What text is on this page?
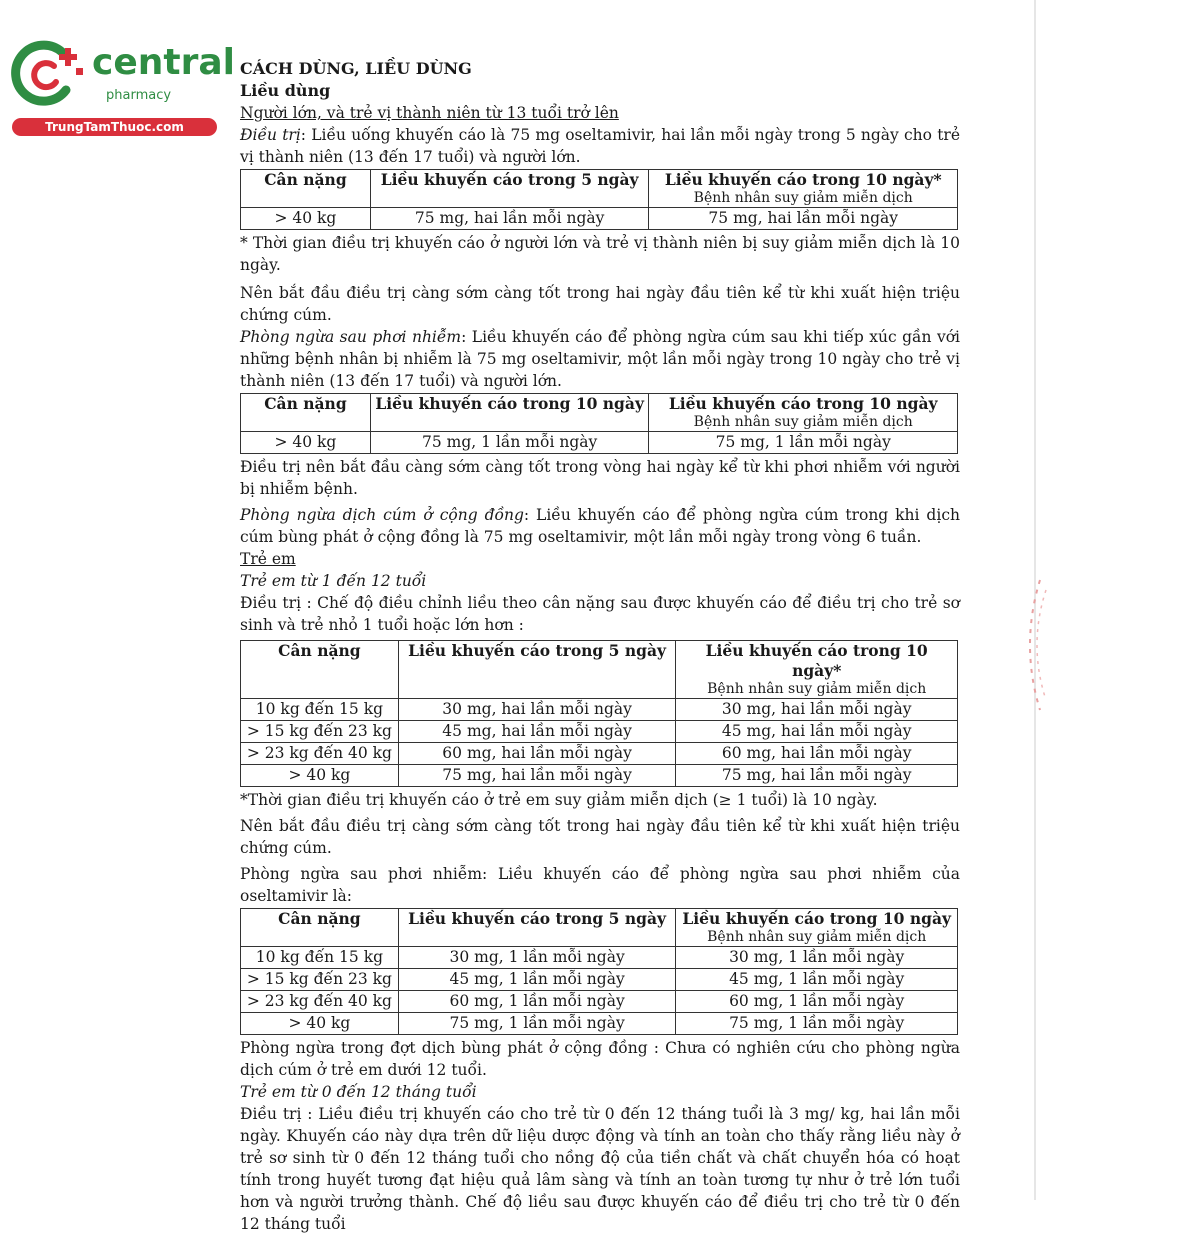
central
pharmacy
TrungTamThuoc.com

CÁCH DÙNG, LIỀU DÙNG

Liều dùng

Người lớn, và trẻ vị thành niên từ 13 tuổi trở lên

Điều trị: Liều uống khuyến cáo là 75 mg oseltamivir, hai lần mỗi ngày trong 5 ngày cho trẻ vị thành niên (13 đến 17 tuổi) và người lớn.

Cân nặng	Liều khuyến cáo trong 5 ngày	Liều khuyến cáo trong 10 ngày*
Bệnh nhân suy giảm miễn dịch

> 40 kg	75 mg, hai lần mỗi ngày	75 mg, hai lần mỗi ngày

* Thời gian điều trị khuyến cáo ở người lớn và trẻ vị thành niên bị suy giảm miễn dịch là 10 ngày.

Nên bắt đầu điều trị càng sớm càng tốt trong hai ngày đầu tiên kể từ khi xuất hiện triệu chứng cúm.

Phòng ngừa sau phơi nhiễm: Liều khuyến cáo để phòng ngừa cúm sau khi tiếp xúc gần với những bệnh nhân bị nhiễm là 75 mg oseltamivir, một lần mỗi ngày trong 10 ngày cho trẻ vị thành niên (13 đến 17 tuổi) và người lớn.

Cân nặng	Liều khuyến cáo trong 10 ngày	Liều khuyến cáo trong 10 ngày
Bệnh nhân suy giảm miễn dịch

> 40 kg	75 mg, 1 lần mỗi ngày	75 mg, 1 lần mỗi ngày

Điều trị nên bắt đầu càng sớm càng tốt trong vòng hai ngày kể từ khi phơi nhiễm với người bị nhiễm bệnh.

Phòng ngừa dịch cúm ở cộng đồng: Liều khuyến cáo để phòng ngừa cúm trong khi dịch cúm bùng phát ở cộng đồng là 75 mg oseltamivir, một lần mỗi ngày trong vòng 6 tuần.

Trẻ em

Trẻ em từ 1 đến 12 tuổi

Điều trị : Chế độ điều chỉnh liều theo cân nặng sau được khuyến cáo để điều trị cho trẻ sơ sinh và trẻ nhỏ 1 tuổi hoặc lớn hơn :

Cân nặng	Liều khuyến cáo trong 5 ngày	Liều khuyến cáo trong 10 ngày*
Bệnh nhân suy giảm miễn dịch

10 kg đến 15 kg	30 mg, hai lần mỗi ngày	30 mg, hai lần mỗi ngày
> 15 kg đến 23 kg	45 mg, hai lần mỗi ngày	45 mg, hai lần mỗi ngày
> 23 kg đến 40 kg	60 mg, hai lần mỗi ngày	60 mg, hai lần mỗi ngày
> 40 kg	75 mg, hai lần mỗi ngày	75 mg, hai lần mỗi ngày

*Thời gian điều trị khuyến cáo ở trẻ em suy giảm miễn dịch (≥ 1 tuổi) là 10 ngày.

Nên bắt đầu điều trị càng sớm càng tốt trong hai ngày đầu tiên kể từ khi xuất hiện triệu chứng cúm.

Phòng ngừa sau phơi nhiễm: Liều khuyến cáo để phòng ngừa sau phơi nhiễm của oseltamivir là:

Cân nặng	Liều khuyến cáo trong 5 ngày	Liều khuyến cáo trong 10 ngày
Bệnh nhân suy giảm miễn dịch

10 kg đến 15 kg	30 mg, 1 lần mỗi ngày	30 mg, 1 lần mỗi ngày
> 15 kg đến 23 kg	45 mg, 1 lần mỗi ngày	45 mg, 1 lần mỗi ngày
> 23 kg đến 40 kg	60 mg, 1 lần mỗi ngày	60 mg, 1 lần mỗi ngày
> 40 kg	75 mg, 1 lần mỗi ngày	75 mg, 1 lần mỗi ngày

Phòng ngừa trong đợt dịch bùng phát ở cộng đồng : Chưa có nghiên cứu cho phòng ngừa dịch cúm ở trẻ em dưới 12 tuổi.

Trẻ em từ 0 đến 12 tháng tuổi

Điều trị : Liều điều trị khuyến cáo cho trẻ từ 0 đến 12 tháng tuổi là 3 mg/ kg, hai lần mỗi ngày. Khuyến cáo này dựa trên dữ liệu dược động và tính an toàn cho thấy rằng liều này ở trẻ sơ sinh từ 0 đến 12 tháng tuổi cho nồng độ của tiền chất và chất chuyển hóa có hoạt tính trong huyết tương đạt hiệu quả lâm sàng và tính an toàn tương tự như ở trẻ lớn tuổi hơn và người trưởng thành. Chế độ liều sau được khuyến cáo để điều trị cho trẻ từ 0 đến 12 tháng tuổi
